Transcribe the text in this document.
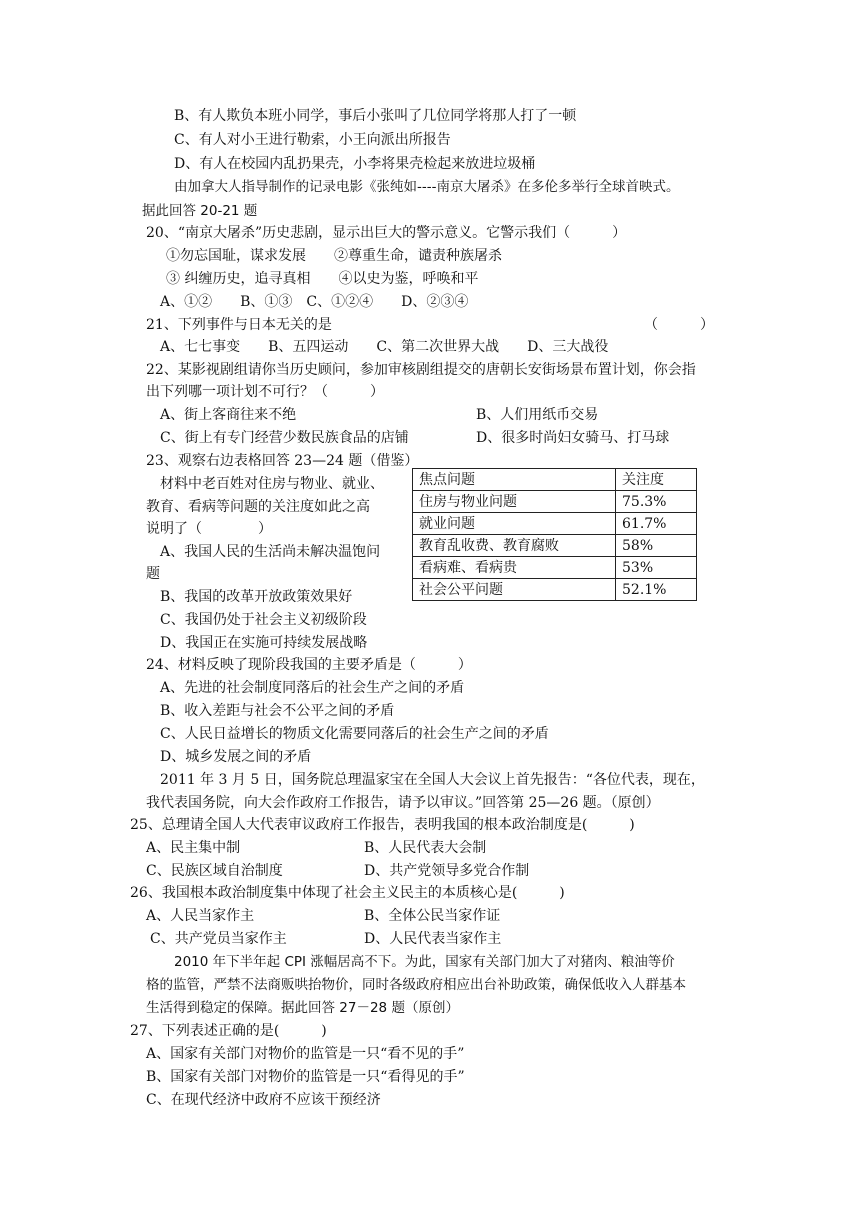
B、有人欺负本班小同学，事后小张叫了几位同学将那人打了一顿
C、有人对小王进行勒索，小王向派出所报告
D、有人在校园内乱扔果壳，小李将果壳检起来放进垃圾桶
由加拿大人指导制作的记录电影《张纯如----南京大屠杀》在多伦多举行全球首映式。
据此回答 20-21 题
20、“南京大屠杀”历史悲剧，显示出巨大的警示意义。它警示我们（　　　）
①勿忘国耻，谋求发展　　②尊重生命，谴责种族屠杀
③ 纠缠历史，追寻真相　　④以史为鉴，呼唤和平
A、①②　　B、①③　C、①②④　　D、②③④
21、下列事件与日本无关的是	（　　　）
A、七七事变　　B、五四运动　　C、第二次世界大战　　D、三大战役
22、某影视剧组请你当历史顾问，参加审核剧组提交的唐朝长安街场景布置计划，你会指
出下列哪一项计划不可行？（　　　）
A、街上客商往来不绝	B、人们用纸币交易
C、街上有专门经营少数民族食品的店铺	D、很多时尚妇女骑马、打马球
23、观察右边表格回答 23—24 题（借鉴）
材料中老百姓对住房与物业、就业、
教育、看病等问题的关注度如此之高
说明了（　　　　）
A、我国人民的生活尚未解决温饱问
题
B、我国的改革开放政策效果好
C、我国仍处于社会主义初级阶段
D、我国正在实施可持续发展战略
焦点问题	关注度
住房与物业问题	75.3%
就业问题	61.7%
教育乱收费、教育腐败	58%
看病难、看病贵	53%
社会公平问题	52.1%
24、材料反映了现阶段我国的主要矛盾是（　　　）
A、先进的社会制度同落后的社会生产之间的矛盾
B、收入差距与社会不公平之间的矛盾
C、人民日益增长的物质文化需要同落后的社会生产之间的矛盾
D、城乡发展之间的矛盾
2011 年 3 月 5 日，国务院总理温家宝在全国人大会议上首先报告：“各位代表，现在，
我代表国务院，向大会作政府工作报告，请予以审议。”回答第 25—26 题。（原创）
25、总理请全国人大代表审议政府工作报告，表明我国的根本政治制度是(　　　)
A、民主集中制	B、人民代表大会制
C、民族区域自治制度	D、共产党领导多党合作制
26、我国根本政治制度集中体现了社会主义民主的本质核心是(　　　)
A、人民当家作主	B、全体公民当家作证
C、共产党员当家作主	D、人民代表当家作主
2010 年下半年起 CPI 涨幅居高不下。为此，国家有关部门加大了对猪肉、粮油等价
格的监管，严禁不法商贩哄抬物价，同时各级政府相应出台补助政策，确保低收入人群基本
生活得到稳定的保障。据此回答 27－28 题（原创）
27、下列表述正确的是(　　　)
A、国家有关部门对物价的监管是一只“看不见的手”
B、国家有关部门对物价的监管是一只“看得见的手”
C、在现代经济中政府不应该干预经济
